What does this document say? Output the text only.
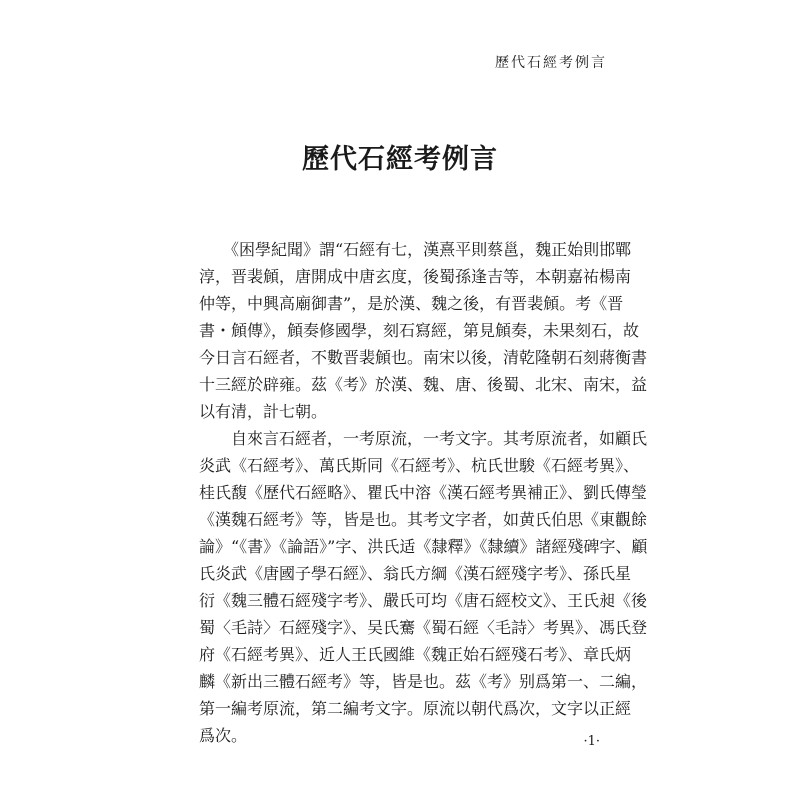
歷代石經考例言
歷代石經考例言

　　《困學紀聞》謂“石經有七，漢熹平則蔡邕，魏正始則邯鄲
淳，晋裴頠，唐開成中唐玄度，後蜀孫逢吉等，本朝嘉祐楊南
仲等，中興高廟御書”，是於漢、魏之後，有晋裴頠。考《晋
書・頠傳》，頠奏修國學，刻石寫經，第見頠奏，未果刻石，故
今日言石經者，不數晋裴頠也。南宋以後，清乾隆朝石刻蔣衡書
十三經於辟雍。茲《考》於漢、魏、唐、後蜀、北宋、南宋，益
以有清，計七朝。

　　自來言石經者，一考原流，一考文字。其考原流者，如顧氏
炎武《石經考》、萬氏斯同《石經考》、杭氏世駿《石經考異》、
桂氏馥《歷代石經略》、瞿氏中溶《漢石經考異補正》、劉氏傳瑩
《漢魏石經考》等，皆是也。其考文字者，如黄氏伯思《東觀餘
論》“《書》《論語》”字、洪氏适《隸釋》《隸續》諸經殘碑字、顧
氏炎武《唐國子學石經》、翁氏方綱《漢石經殘字考》、孫氏星
衍《魏三體石經殘字考》、嚴氏可均《唐石經校文》、王氏昶《後
蜀〈毛詩〉石經殘字》、吴氏騫《蜀石經〈毛詩〉考異》、馮氏登
府《石經考異》、近人王氏國維《魏正始石經殘石考》、章氏炳
麟《新出三體石經考》等，皆是也。茲《考》别爲第一、二編，
第一編考原流，第二編考文字。原流以朝代爲次，文字以正經
爲次。	·1·
